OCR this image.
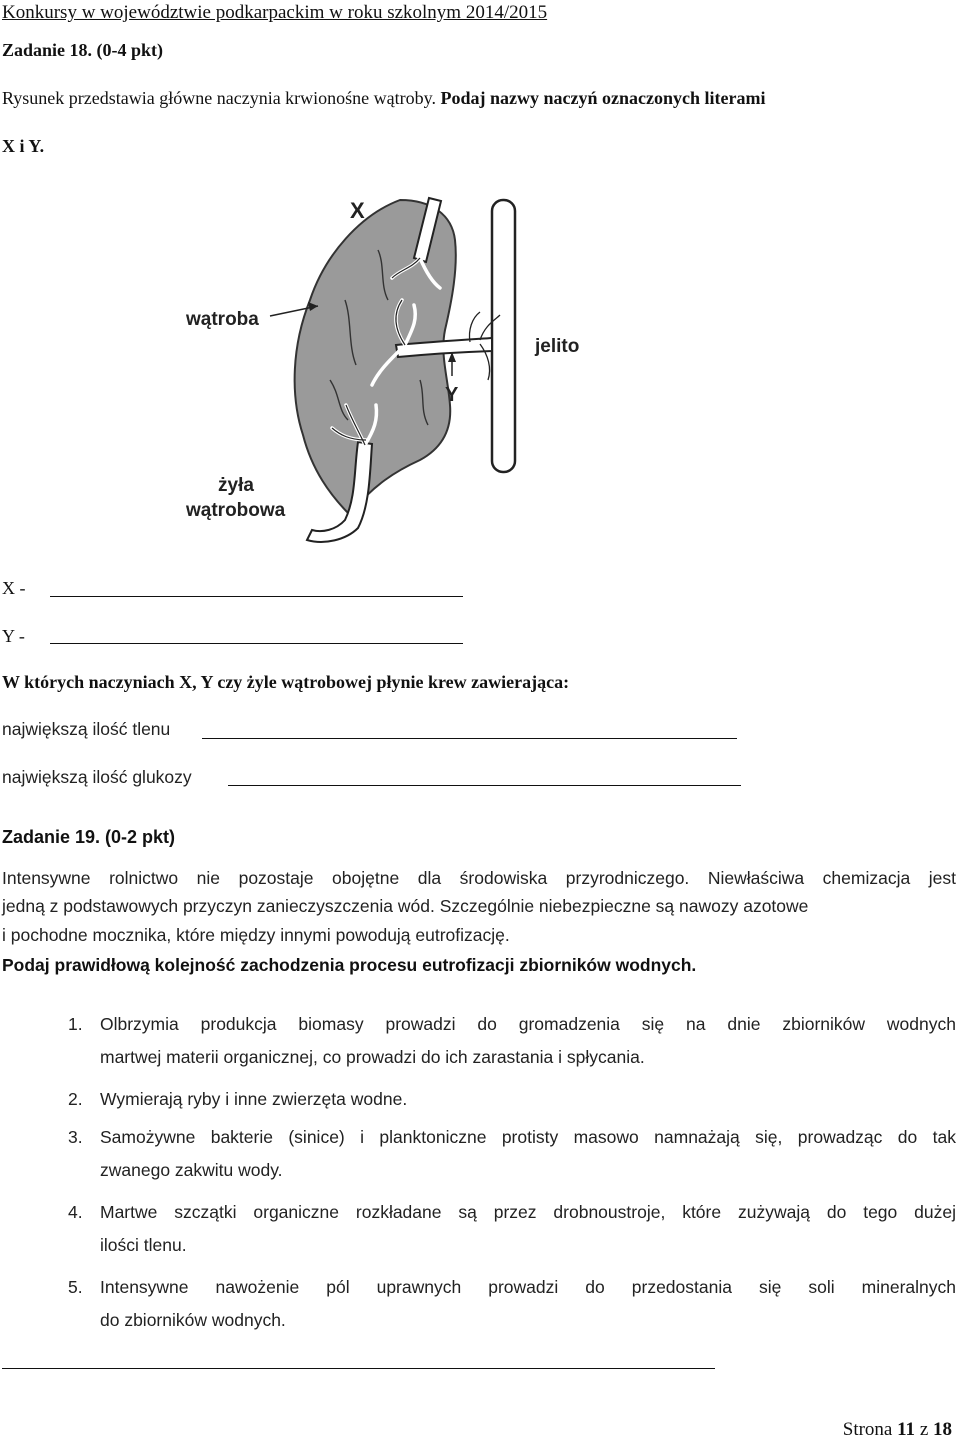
Konkursy w województwie podkarpackim w roku szkolnym 2014/2015
Zadanie 18. (0-4 pkt)
Rysunek przedstawia główne naczynia krwionośne wątroby. Podaj nazwy naczyń oznaczonych literami
X i Y.
X
wątroba
jelito
Y
żyła
wątrobowa
X -
Y -
W których naczyniach X, Y czy żyle wątrobowej płynie krew zawierająca:
największą ilość tlenu
największą ilość glukozy
Zadanie 19. (0-2 pkt)
Intensywne rolnictwo nie pozostaje obojętne dla środowiska przyrodniczego. Niewłaściwa chemizacja jest
jedną z podstawowych przyczyn zanieczyszczenia wód. Szczególnie niebezpieczne są nawozy azotowe
i pochodne mocznika, które między innymi powodują eutrofizację.
Podaj prawidłową kolejność zachodzenia procesu eutrofizacji zbiorników wodnych.
1. Olbrzymia produkcja biomasy prowadzi do gromadzenia się na dnie zbiorników wodnych
martwej materii organicznej, co prowadzi do ich zarastania i spłycania.
2. Wymierają ryby i inne zwierzęta wodne.
3. Samożywne bakterie (sinice) i planktoniczne protisty masowo namnażają się, prowadząc do tak
zwanego zakwitu wody.
4. Martwe szczątki organiczne rozkładane są przez drobnoustroje, które zużywają do tego dużej
ilości tlenu.
5. Intensywne nawożenie pól uprawnych prowadzi do przedostania się soli mineralnych
do zbiorników wodnych.
Strona 11 z 18
